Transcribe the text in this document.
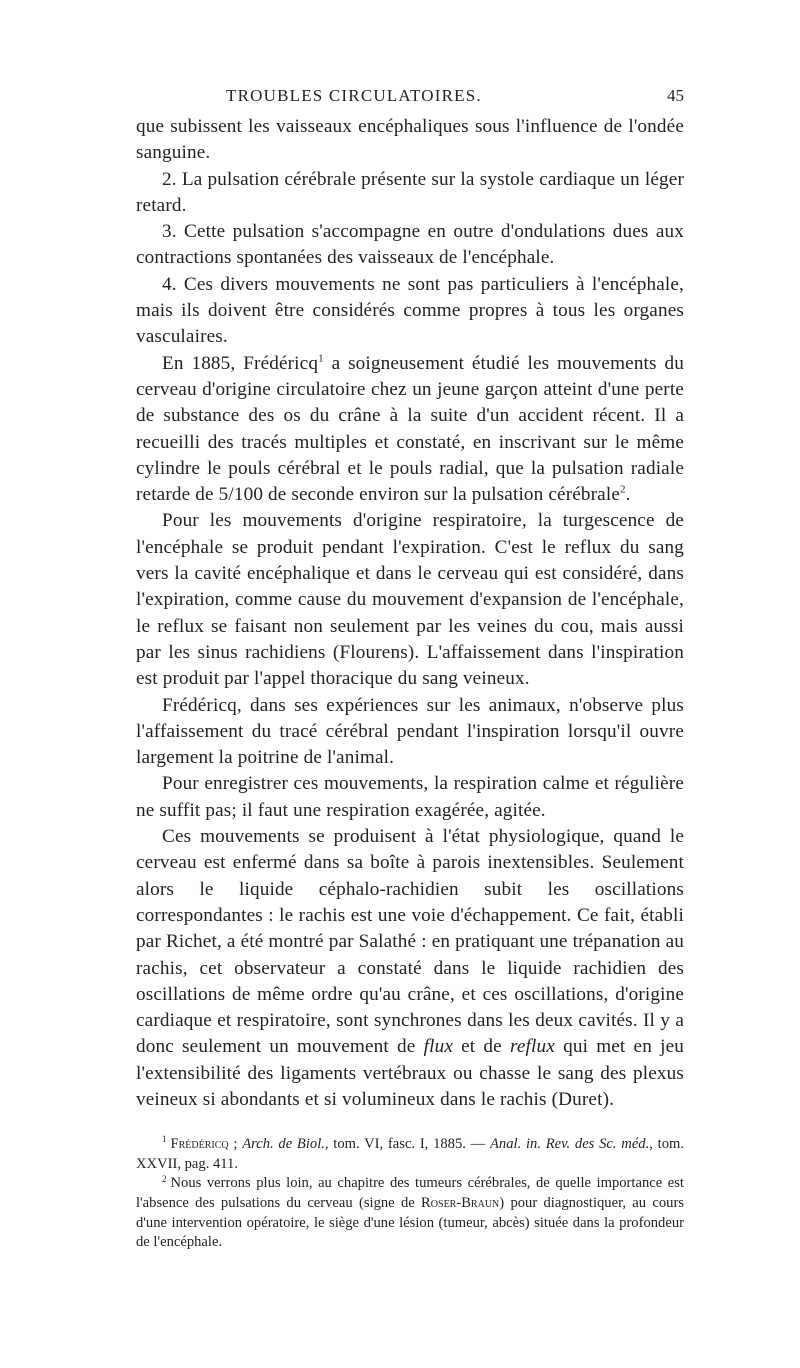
TROUBLES CIRCULATOIRES.	45

que subissent les vaisseaux encéphaliques sous l'influence de l'ondée sanguine.

2. La pulsation cérébrale présente sur la systole cardiaque un léger retard.

3. Cette pulsation s'accompagne en outre d'ondulations dues aux contractions spontanées des vaisseaux de l'encéphale.

4. Ces divers mouvements ne sont pas particuliers à l'encéphale, mais ils doivent être considérés comme propres à tous les organes vasculaires.

En 1885, Frédéricq$^1$ a soigneusement étudié les mouvements du cerveau d'origine circulatoire chez un jeune garçon atteint d'une perte de substance des os du crâne à la suite d'un accident récent. Il a recueilli des tracés multiples et constaté, en inscrivant sur le même cylindre le pouls cérébral et le pouls radial, que la pulsation radiale retarde de 5/100 de seconde environ sur la pulsation cérébrale$^2$.

Pour les mouvements d'origine respiratoire, la turgescence de l'encéphale se produit pendant l'expiration. C'est le reflux du sang vers la cavité encéphalique et dans le cerveau qui est considéré, dans l'expiration, comme cause du mouvement d'expansion de l'encéphale, le reflux se faisant non seulement par les veines du cou, mais aussi par les sinus rachidiens (Flourens). L'affaissement dans l'inspiration est produit par l'appel thoracique du sang veineux.

Frédéricq, dans ses expériences sur les animaux, n'observe plus l'affaissement du tracé cérébral pendant l'inspiration lorsqu'il ouvre largement la poitrine de l'animal.

Pour enregistrer ces mouvements, la respiration calme et régulière ne suffit pas; il faut une respiration exagérée, agitée.

Ces mouvements se produisent à l'état physiologique, quand le cerveau est enfermé dans sa boîte à parois inextensibles. Seulement alors le liquide céphalo-rachidien subit les oscillations correspondantes : le rachis est une voie d'échappement. Ce fait, établi par Richet, a été montré par Salathé : en pratiquant une trépanation au rachis, cet observateur a constaté dans le liquide rachidien des oscillations de même ordre qu'au crâne, et ces oscillations, d'origine cardiaque et respiratoire, sont synchrones dans les deux cavités. Il y a donc seulement un mouvement de flux et de reflux qui met en jeu l'extensibilité des ligaments vertébraux ou chasse le sang des plexus veineux si abondants et si volumineux dans le rachis (Duret).

$^1$ Frédéricq ; Arch. de Biol., tom. VI, fasc. I, 1885. — Anal. in. Rev. des Sc. méd., tom. XXVII, pag. 411.

$^2$ Nous verrons plus loin, au chapitre des tumeurs cérébrales, de quelle importance est l'absence des pulsations du cerveau (signe de Roser-Braun) pour diagnostiquer, au cours d'une intervention opératoire, le siège d'une lésion (tumeur, abcès) située dans la profondeur de l'encéphale.
